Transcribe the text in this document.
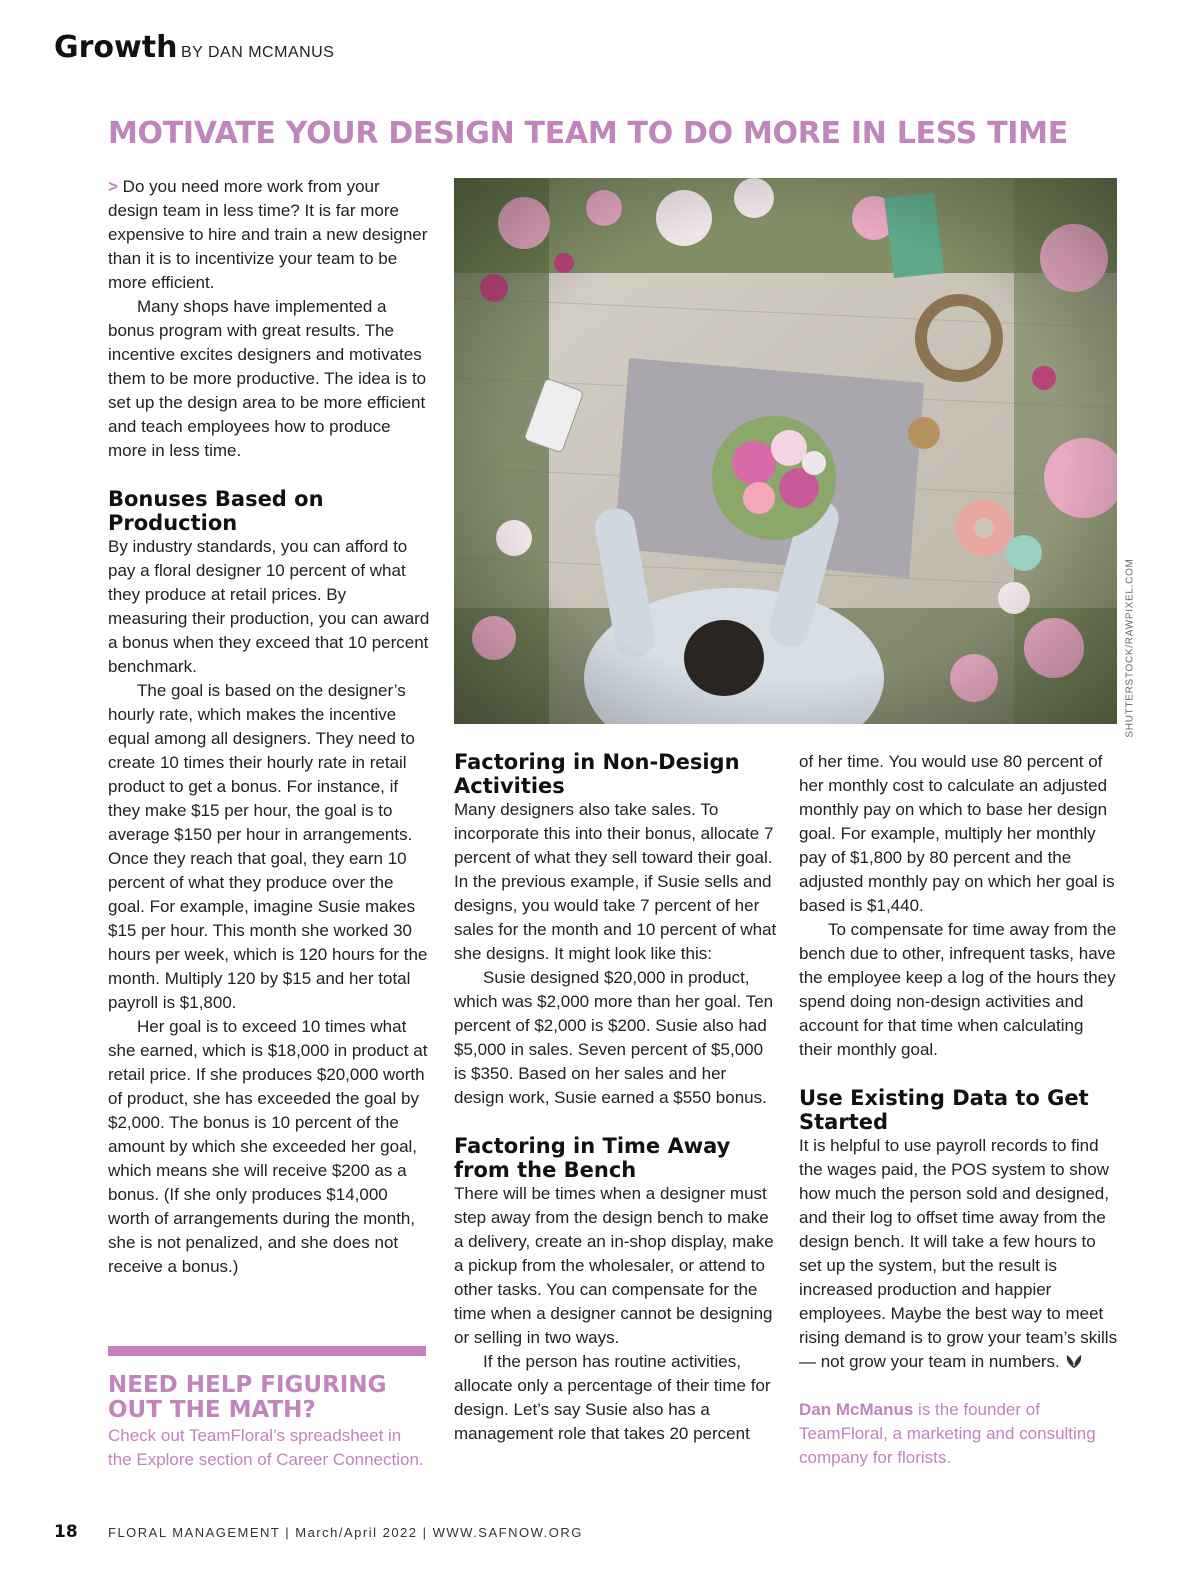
Growth BY DAN MCMANUS
MOTIVATE YOUR DESIGN TEAM TO DO MORE IN LESS TIME

> Do you need more work from your design team in less time? It is far more expensive to hire and train a new designer than it is to incentivize your team to be more efficient.

Many shops have implemented a bonus program with great results. The incentive excites designers and motivates them to be more productive. The idea is to set up the design area to be more efficient and teach employees how to produce more in less time.

Bonuses Based on Production

By industry standards, you can afford to pay a floral designer 10 percent of what they produce at retail prices. By measuring their production, you can award a bonus when they exceed that 10 percent benchmark.

The goal is based on the designer’s hourly rate, which makes the incentive equal among all designers. They need to create 10 times their hourly rate in retail product to get a bonus. For instance, if they make $15 per hour, the goal is to average $150 per hour in arrangements. Once they reach that goal, they earn 10 percent of what they produce over the goal. For example, imagine Susie makes $15 per hour. This month she worked 30 hours per week, which is 120 hours for the month. Multiply 120 by $15 and her total payroll is $1,800.

Her goal is to exceed 10 times what she earned, which is $18,000 in product at retail price. If she produces $20,000 worth of product, she has exceeded the goal by $2,000. The bonus is 10 percent of the amount by which she exceeded her goal, which means she will receive $200 as a bonus. (If she only produces $14,000 worth of arrangements during the month, she is not penalized, and she does not receive a bonus.)

NEED HELP FIGURING OUT THE MATH?
Check out TeamFloral’s spreadsheet in the Explore section of Career Connection.
SHUTTERSTOCK/RAWPIXEL.COM
Factoring in Non-Design Activities

Many designers also take sales. To incorporate this into their bonus, allocate 7 percent of what they sell toward their goal. In the previous example, if Susie sells and designs, you would take 7 percent of her sales for the month and 10 percent of what she designs. It might look like this:

Susie designed $20,000 in product, which was $2,000 more than her goal. Ten percent of $2,000 is $200. Susie also had $5,000 in sales. Seven percent of $5,000 is $350. Based on her sales and her design work, Susie earned a $550 bonus.

Factoring in Time Away from the Bench

There will be times when a designer must step away from the design bench to make a delivery, create an in-shop display, make a pickup from the wholesaler, or attend to other tasks. You can compensate for the time when a designer cannot be designing or selling in two ways.

If the person has routine activities, allocate only a percentage of their time for design. Let’s say Susie also has a management role that takes 20 percent

of her time. You would use 80 percent of her monthly cost to calculate an adjusted monthly pay on which to base her design goal. For example, multiply her monthly pay of $1,800 by 80 percent and the adjusted monthly pay on which her goal is based is $1,440.

To compensate for time away from the bench due to other, infrequent tasks, have the employee keep a log of the hours they spend doing non-design activities and account for that time when calculating their monthly goal.

Use Existing Data to Get Started

It is helpful to use payroll records to find the wages paid, the POS system to show how much the person sold and designed, and their log to offset time away from the design bench. It will take a few hours to set up the system, but the result is increased production and happier employees. Maybe the best way to meet rising demand is to grow your team’s skills — not grow your team in numbers.

Dan McManus is the founder of TeamFloral, a marketing and consulting company for florists.

18 FLORAL MANAGEMENT | March/April 2022 | WWW.SAFNOW.ORG
